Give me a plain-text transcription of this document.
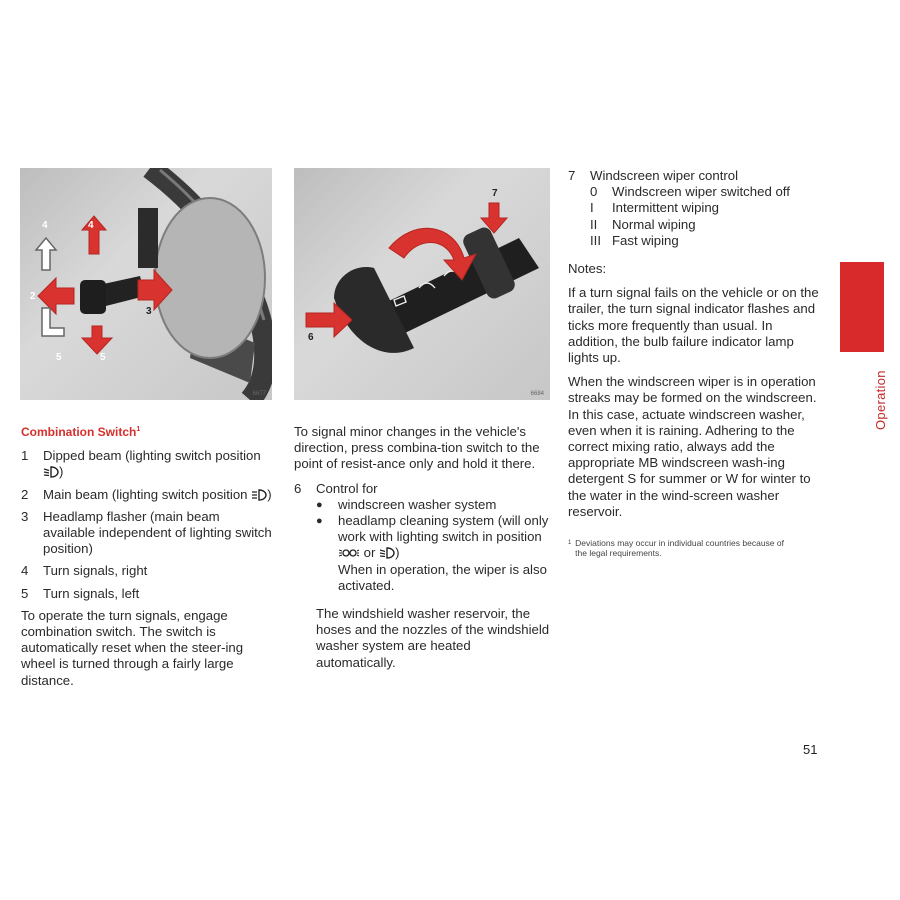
4	4
2
3
5	5
6677
7
6
6684
Combination Switch$^1$
1	Dipped beam (lighting switch position )
2	Main beam (lighting switch position )
3	Headlamp flasher (main beam available independent of lighting switch position)
4	Turn signals, right
5	Turn signals, left

To operate the turn signals, engage combination switch. The switch is automatically reset when the steer-ing wheel is turned through a fairly large distance.

To signal minor changes in the vehicle's direction, press combina-tion switch to the point of resist-ance only and hold it there.

6	Control for
●	windscreen washer system
●	headlamp cleaning system (will only work with lighting switch in position  or )
When in operation, the wiper is also activated.

The windshield washer reservoir, the hoses and the nozzles of the windshield washer system are heated automatically.

7	Windscreen wiper control
0	Windscreen wiper switched off
I	Intermittent wiping
II	Normal wiping
III Fast wiping

Notes:

If a turn signal fails on the vehicle or on the trailer, the turn signal indicator flashes and ticks more frequently than usual. In addition, the bulb failure indicator lamp lights up.

When the windscreen wiper is in operation streaks may be formed on the windscreen. In this case, actuate windscreen washer, even when it is raining. Adhering to the correct mixing ratio, always add the appropriate MB windscreen wash-ing detergent S for summer or W for winter to the water in the wind-screen washer reservoir.

1 Deviations may occur in individual countries because of the legal requirements.
Operation
51
